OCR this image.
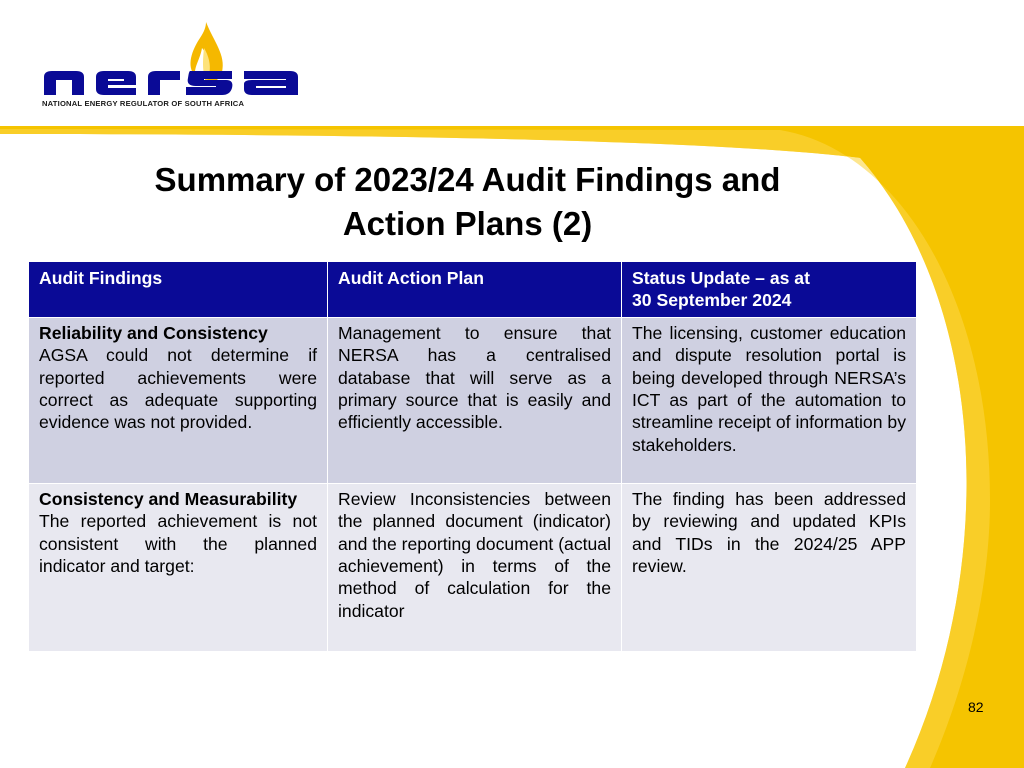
NATIONAL ENERGY REGULATOR OF SOUTH AFRICA
Summary of 2023/24 Audit Findings and
Action Plans (2)
Audit Findings	Audit Action Plan	Status Update – as at
30 September 2024

Reliability and Consistency
AGSA could not determine if reported achievements were correct as adequate supporting evidence was not provided.	Management to ensure that NERSA has a centralised database that will serve as a primary source that is easily and efficiently accessible.	The licensing, customer education and dispute resolution portal is being developed through NERSA’s ICT as part of the automation to streamline receipt of information by stakeholders.

Consistency and Measurability
The reported achievement is not consistent with the planned indicator and target:	Review Inconsistencies between the planned document (indicator) and the reporting document (actual achievement) in terms of the method of calculation for the indicator	The finding has been addressed by reviewing and updated KPIs and TIDs in the 2024/25 APP review.
82
